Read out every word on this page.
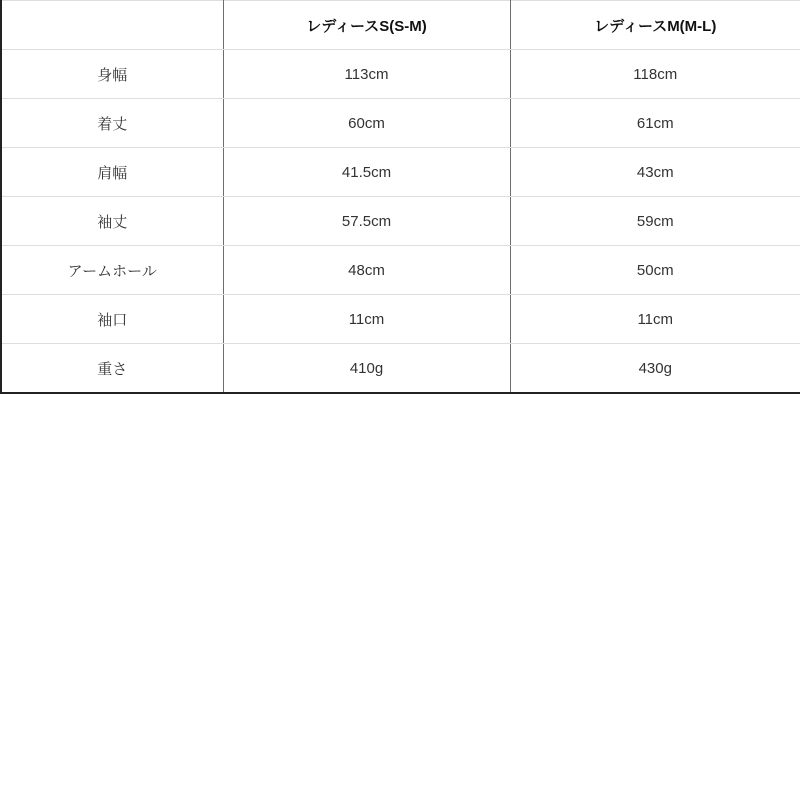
	レディースS(S-M)	レディースM(M-L)
身幅	113cm	118cm
着丈	60cm	61cm
肩幅	41.5cm	43cm
袖丈	57.5cm	59cm
アームホール	48cm	50cm
袖口	11cm	11cm
重さ	410g	430g
